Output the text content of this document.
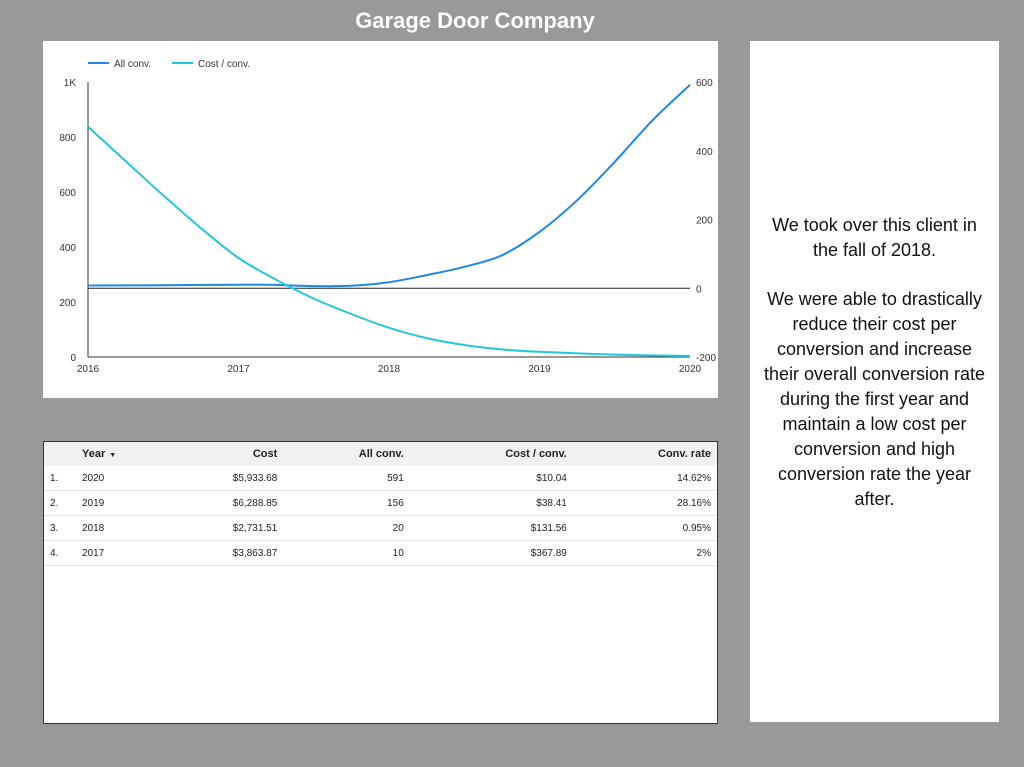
Garage Door Company
0
200
400
600
800
1K
-200
0
200
400
600
2016	2017	2018	2019	2020
All conv.	Cost / conv.
	Year ▼	Cost	All conv.	Cost / conv.	Conv. rate
1.	2020	$5,933.68	591	$10.04	14.62%
2.	2019	$6,288.85	156	$38.41	28.16%
3.	2018	$2,731.51	20	$131.56	0.95%
4.	2017	$3,863.87	10	$367.89	2%

We took over this client in the fall of 2018.

We were able to drastically reduce their cost per conversion and increase their overall conversion rate during the first year and maintain a low cost per conversion and high conversion rate the year after.
